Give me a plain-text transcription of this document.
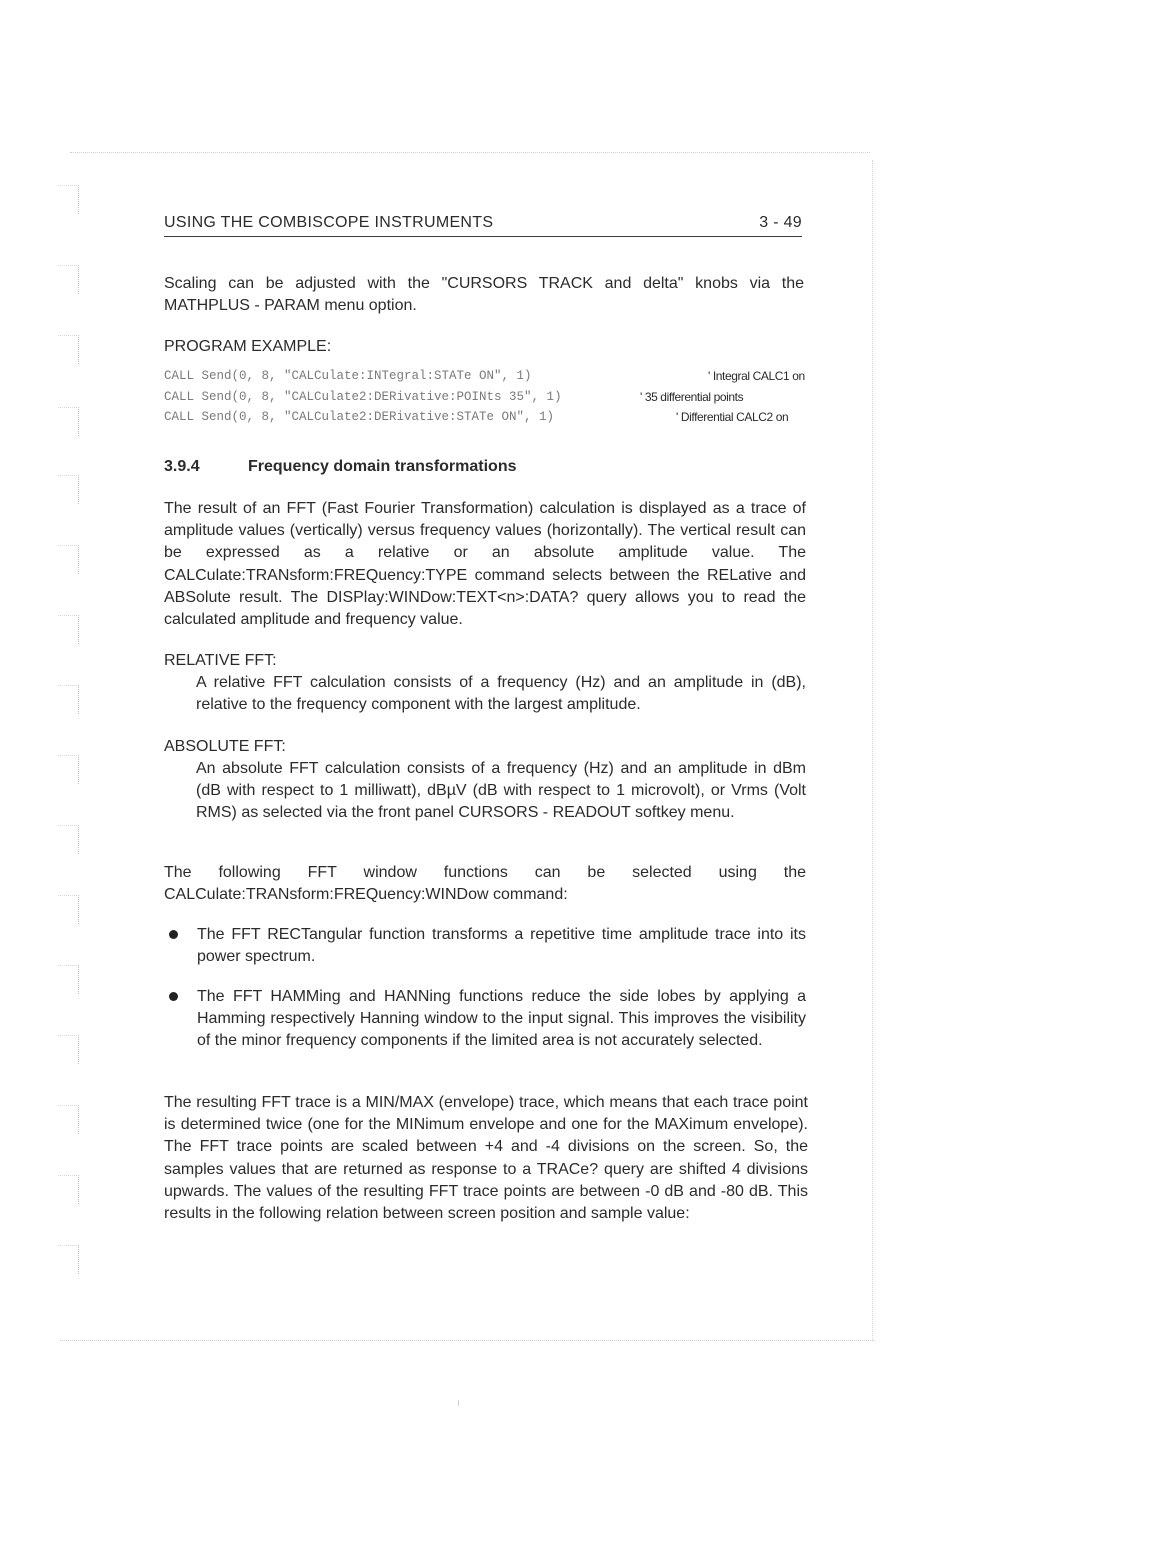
USING THE COMBISCOPE INSTRUMENTS	3 - 49
Scaling can be adjusted with the "CURSORS TRACK and delta" knobs via the MATHPLUS - PARAM menu option.
PROGRAM EXAMPLE:
CALL Send(0, 8, "CALCulate:INTegral:STATe ON", 1)	' Integral CALC1 on
CALL Send(0, 8, "CALCulate2:DERivative:POINts 35", 1)	' 35 differential points
CALL Send(0, 8, "CALCulate2:DERivative:STATe ON", 1)	' Differential CALC2 on
3.9.4	Frequency domain transformations
The result of an FFT (Fast Fourier Transformation) calculation is displayed as a trace of amplitude values (vertically) versus frequency values (horizontally). The vertical result can be expressed as a relative or an absolute amplitude value. The CALCulate:TRANsform:FREQuency:TYPE command selects between the RELative and ABSolute result. The DISPlay:WINDow:TEXT<n>:DATA? query allows you to read the calculated amplitude and frequency value.
RELATIVE FFT:
A relative FFT calculation consists of a frequency (Hz) and an amplitude in (dB), relative to the frequency component with the largest amplitude.
ABSOLUTE FFT:
An absolute FFT calculation consists of a frequency (Hz) and an amplitude in dBm (dB with respect to 1 milliwatt), dBµV (dB with respect to 1 microvolt), or Vrms (Volt RMS) as selected via the front panel CURSORS - READOUT softkey menu.
The following FFT window functions can be selected using the CALCulate:TRANsform:FREQuency:WINDow command:
The FFT RECTangular function transforms a repetitive time amplitude trace into its power spectrum.
The FFT HAMMing and HANNing functions reduce the side lobes by applying a Hamming respectively Hanning window to the input signal. This improves the visibility of the minor frequency components if the limited area is not accurately selected.
The resulting FFT trace is a MIN/MAX (envelope) trace, which means that each trace point is determined twice (one for the MINimum envelope and one for the MAXimum envelope). The FFT trace points are scaled between +4 and -4 divisions on the screen. So, the samples values that are returned as response to a TRACe? query are shifted 4 divisions upwards. The values of the resulting FFT trace points are between -0 dB and -80 dB. This results in the following relation between screen position and sample value:
